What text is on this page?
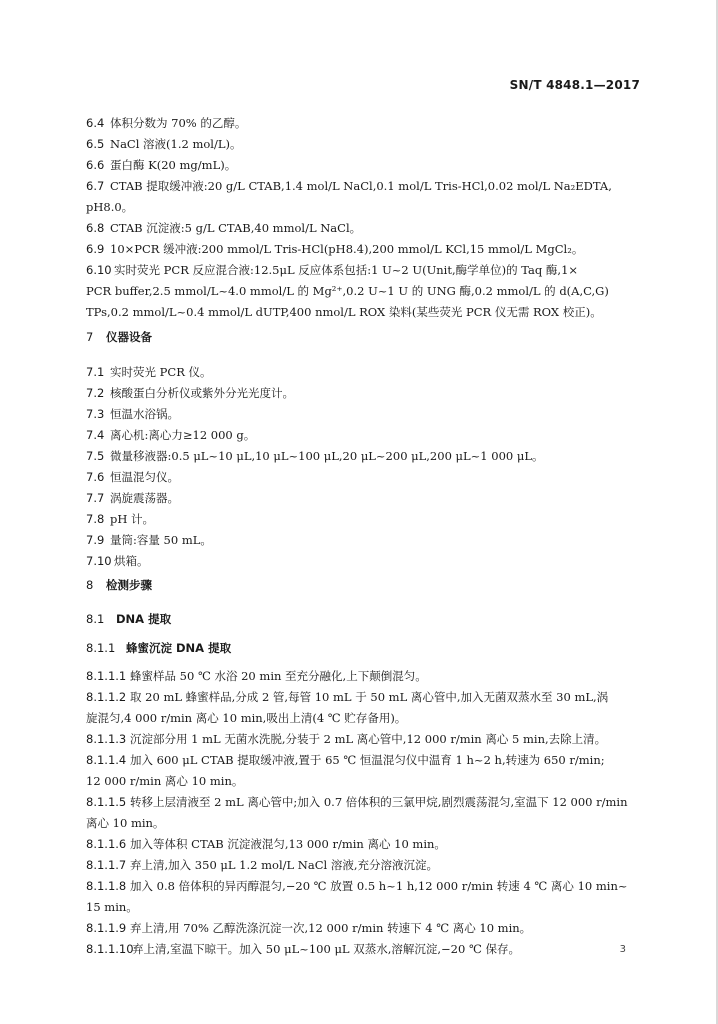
SN/T 4848.1—2017
6.4 体积分数为 70% 的乙醇。
6.5 NaCl 溶液(1.2 mol/L)。
6.6 蛋白酶 K(20 mg/mL)。
6.7 CTAB 提取缓冲液:20 g/L CTAB,1.4 mol/L NaCl,0.1 mol/L Tris-HCl,0.02 mol/L Na₂EDTA,
pH8.0。
6.8 CTAB 沉淀液:5 g/L CTAB,40 mmol/L NaCl。
6.9 10×PCR 缓冲液:200 mmol/L Tris-HCl(pH8.4),200 mmol/L KCl,15 mmol/L MgCl₂。
6.10 实时荧光 PCR 反应混合液:12.5μL 反应体系包括:1 U~2 U(Unit,酶学单位)的 Taq 酶,1×
PCR buffer,2.5 mmol/L~4.0 mmol/L 的 Mg²⁺,0.2 U~1 U 的 UNG 酶,0.2 mmol/L 的 d(A,C,G)
TPs,0.2 mmol/L~0.4 mmol/L dUTP,400 nmol/L ROX 染料(某些荧光 PCR 仪无需 ROX 校正)。
7 仪器设备
7.1 实时荧光 PCR 仪。
7.2 核酸蛋白分析仪或紫外分光光度计。
7.3 恒温水浴锅。
7.4 离心机:离心力≥12 000 g。
7.5 微量移液器:0.5 μL~10 μL,10 μL~100 μL,20 μL~200 μL,200 μL~1 000 μL。
7.6 恒温混匀仪。
7.7 涡旋震荡器。
7.8 pH 计。
7.9 量筒:容量 50 mL。
7.10 烘箱。
8 检测步骤
8.1 DNA 提取
8.1.1 蜂蜜沉淀 DNA 提取
8.1.1.1 蜂蜜样品 50 ℃ 水浴 20 min 至充分融化,上下颠倒混匀。
8.1.1.2 取 20 mL 蜂蜜样品,分成 2 管,每管 10 mL 于 50 mL 离心管中,加入无菌双蒸水至 30 mL,涡
旋混匀,4 000 r/min 离心 10 min,吸出上清(4 ℃ 贮存备用)。
8.1.1.3 沉淀部分用 1 mL 无菌水洗脱,分装于 2 mL 离心管中,12 000 r/min 离心 5 min,去除上清。
8.1.1.4 加入 600 μL CTAB 提取缓冲液,置于 65 ℃ 恒温混匀仪中温育 1 h~2 h,转速为 650 r/min;
12 000 r/min 离心 10 min。
8.1.1.5 转移上层清液至 2 mL 离心管中;加入 0.7 倍体积的三氯甲烷,剧烈震荡混匀,室温下 12 000 r/min
离心 10 min。
8.1.1.6 加入等体积 CTAB 沉淀液混匀,13 000 r/min 离心 10 min。
8.1.1.7 弃上清,加入 350 μL 1.2 mol/L NaCl 溶液,充分溶液沉淀。
8.1.1.8 加入 0.8 倍体积的异丙醇混匀,−20 ℃ 放置 0.5 h~1 h,12 000 r/min 转速 4 ℃ 离心 10 min~
15 min。
8.1.1.9 弃上清,用 70% 乙醇洗涤沉淀一次,12 000 r/min 转速下 4 ℃ 离心 10 min。
8.1.1.10弃上清,室温下晾干。加入 50 μL~100 μL 双蒸水,溶解沉淀,−20 ℃ 保存。	3
